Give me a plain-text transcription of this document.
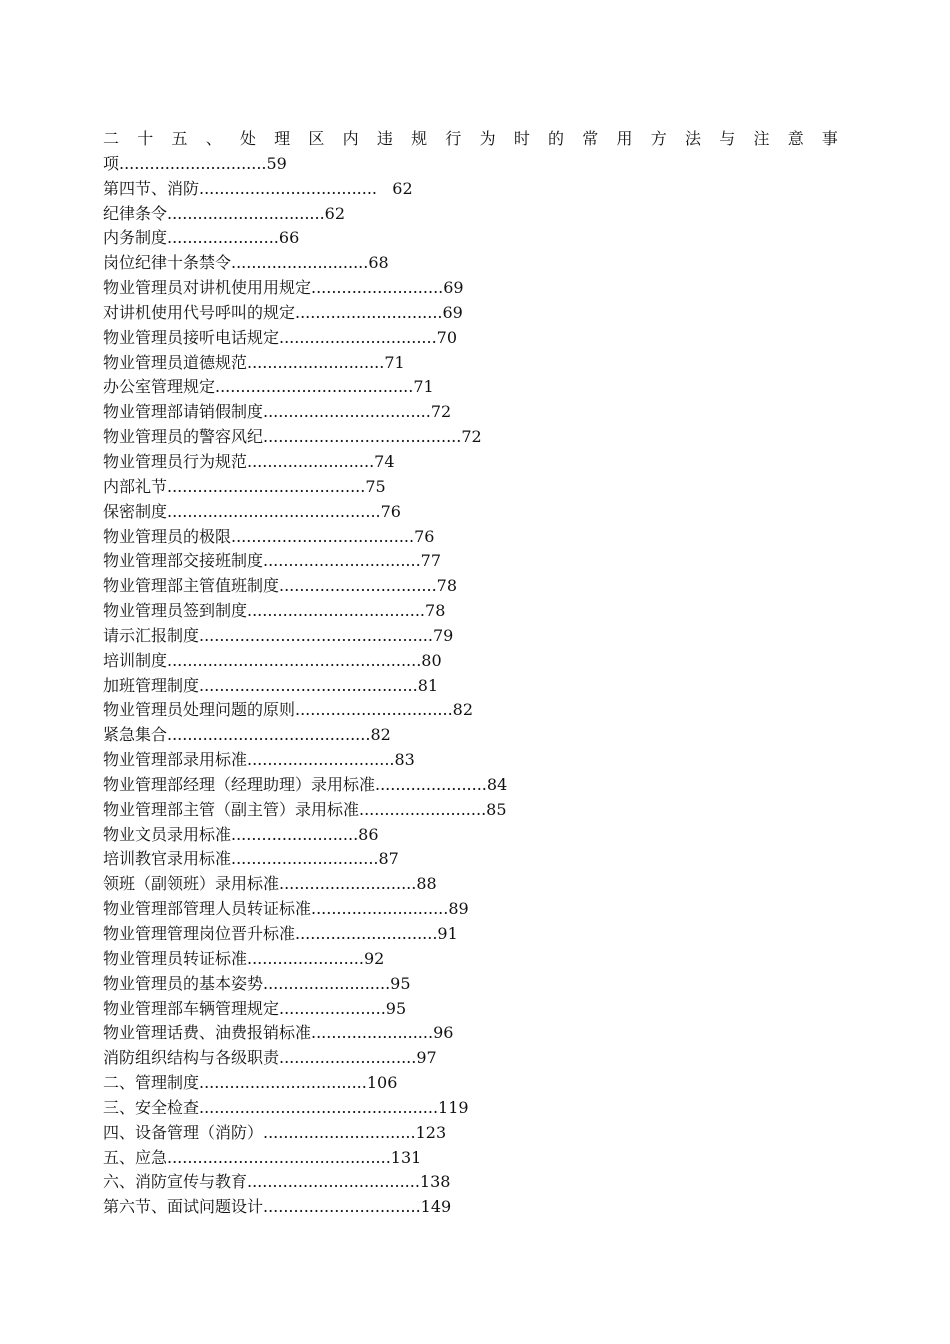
二 十 五 、 处 理 区 内 违 规 行 为 时 的 常 用 方 法 与 注 意 事
项.............................59
第四节、消防...................................   62
纪律条令...............................62
内务制度......................66
岗位纪律十条禁令...........................68
物业管理员对讲机使用用规定..........................69
对讲机使用代号呼叫的规定.............................69
物业管理员接听电话规定...............................70
物业管理员道德规范...........................71
办公室管理规定.......................................71
物业管理部请销假制度.................................72
物业管理员的警容风纪.......................................72
物业管理员行为规范.........................74
内部礼节.......................................75
保密制度..........................................76
物业管理员的极限....................................76
物业管理部交接班制度...............................77
物业管理部主管值班制度...............................78
物业管理员签到制度...................................78
请示汇报制度..............................................79
培训制度..................................................80
加班管理制度...........................................81
物业管理员处理问题的原则...............................82
紧急集合........................................82
物业管理部录用标准.............................83
物业管理部经理（经理助理）录用标准......................84
物业管理部主管（副主管）录用标准.........................85
物业文员录用标准.........................86
培训教官录用标准.............................87
领班（副领班）录用标准...........................88
物业管理部管理人员转证标准...........................89
物业管理管理岗位晋升标准............................91
物业管理员转证标准.......................92
物业管理员的基本姿势.........................95
物业管理部车辆管理规定.....................95
物业管理话费、油费报销标准........................96
消防组织结构与各级职责...........................97
二、管理制度.................................106
三、安全检查...............................................119
四、设备管理（消防）..............................123
五、应急............................................131
六、消防宣传与教育..................................138
第六节、面试问题设计...............................149
